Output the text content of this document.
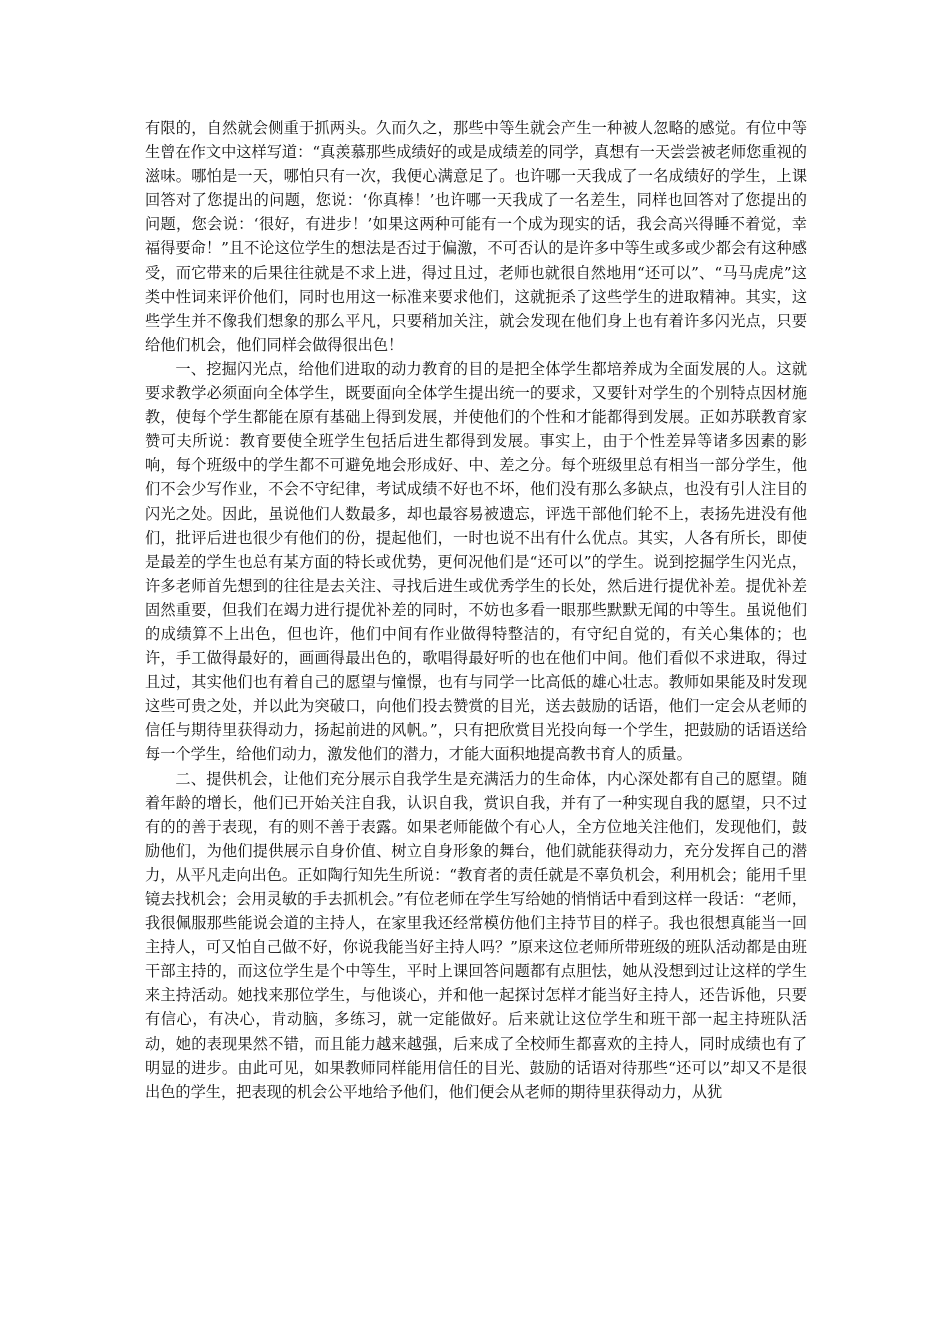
有限的，自然就会侧重于抓两头。久而久之，那些中等生就会产生一种被人忽略的感觉。有位中等生曾在作文中这样写道：“真羡慕那些成绩好的或是成绩差的同学，真想有一天尝尝被老师您重视的滋味。哪怕是一天，哪怕只有一次，我便心满意足了。也许哪一天我成了一名成绩好的学生，上课回答对了您提出的问题，您说：‘你真棒！’也许哪一天我成了一名差生，同样也回答对了您提出的问题，您会说：‘很好，有进步！’如果这两种可能有一个成为现实的话，我会高兴得睡不着觉，幸福得要命！”且不论这位学生的想法是否过于偏激，不可否认的是许多中等生或多或少都会有这种感受，而它带来的后果往往就是不求上进，得过且过，老师也就很自然地用“还可以”、“马马虎虎”这类中性词来评价他们，同时也用这一标准来要求他们，这就扼杀了这些学生的进取精神。其实，这些学生并不像我们想象的那么平凡，只要稍加关注，就会发现在他们身上也有着许多闪光点，只要给他们机会，他们同样会做得很出色！

一、挖掘闪光点，给他们进取的动力教育的目的是把全体学生都培养成为全面发展的人。这就要求教学必须面向全体学生，既要面向全体学生提出统一的要求，又要针对学生的个别特点因材施教，使每个学生都能在原有基础上得到发展，并使他们的个性和才能都得到发展。正如苏联教育家赞可夫所说：教育要使全班学生包括后进生都得到发展。事实上，由于个性差异等诸多因素的影响，每个班级中的学生都不可避免地会形成好、中、差之分。每个班级里总有相当一部分学生，他们不会少写作业，不会不守纪律，考试成绩不好也不坏，他们没有那么多缺点，也没有引人注目的闪光之处。因此，虽说他们人数最多，却也最容易被遗忘，评选干部他们轮不上，表扬先进没有他们，批评后进也很少有他们的份，提起他们，一时也说不出有什么优点。其实，人各有所长，即使是最差的学生也总有某方面的特长或优势，更何况他们是“还可以”的学生。说到挖掘学生闪光点，许多老师首先想到的往往是去关注、寻找后进生或优秀学生的长处，然后进行提优补差。提优补差固然重要，但我们在竭力进行提优补差的同时，不妨也多看一眼那些默默无闻的中等生。虽说他们的成绩算不上出色，但也许，他们中间有作业做得特整洁的，有守纪自觉的，有关心集体的；也许，手工做得最好的，画画得最出色的，歌唱得最好听的也在他们中间。他们看似不求进取，得过且过，其实他们也有着自己的愿望与憧憬，也有与同学一比高低的雄心壮志。教师如果能及时发现这些可贵之处，并以此为突破口，向他们投去赞赏的目光，送去鼓励的话语，他们一定会从老师的信任与期待里获得动力，扬起前进的风帆。”，只有把欣赏目光投向每一个学生，把鼓励的话语送给每一个学生，给他们动力，激发他们的潜力，才能大面积地提高教书育人的质量。

二、提供机会，让他们充分展示自我学生是充满活力的生命体，内心深处都有自己的愿望。随着年龄的增长，他们已开始关注自我，认识自我，赏识自我，并有了一种实现自我的愿望，只不过有的的善于表现，有的则不善于表露。如果老师能做个有心人，全方位地关注他们，发现他们，鼓励他们，为他们提供展示自身价值、树立自身形象的舞台，他们就能获得动力，充分发挥自己的潜力，从平凡走向出色。正如陶行知先生所说：“教育者的责任就是不辜负机会，利用机会；能用千里镜去找机会；会用灵敏的手去抓机会。”有位老师在学生写给她的悄悄话中看到这样一段话：“老师，我很佩服那些能说会道的主持人，在家里我还经常模仿他们主持节目的样子。我也很想真能当一回主持人，可又怕自己做不好，你说我能当好主持人吗？”原来这位老师所带班级的班队活动都是由班干部主持的，而这位学生是个中等生，平时上课回答问题都有点胆怯，她从没想到过让这样的学生来主持活动。她找来那位学生，与他谈心，并和他一起探讨怎样才能当好主持人，还告诉他，只要有信心，有决心，肯动脑，多练习，就一定能做好。后来就让这位学生和班干部一起主持班队活动，她的表现果然不错，而且能力越来越强，后来成了全校师生都喜欢的主持人，同时成绩也有了明显的进步。由此可见，如果教师同样能用信任的目光、鼓励的话语对待那些“还可以”却又不是很出色的学生，把表现的机会公平地给予他们，他们便会从老师的期待里获得动力，从犹
